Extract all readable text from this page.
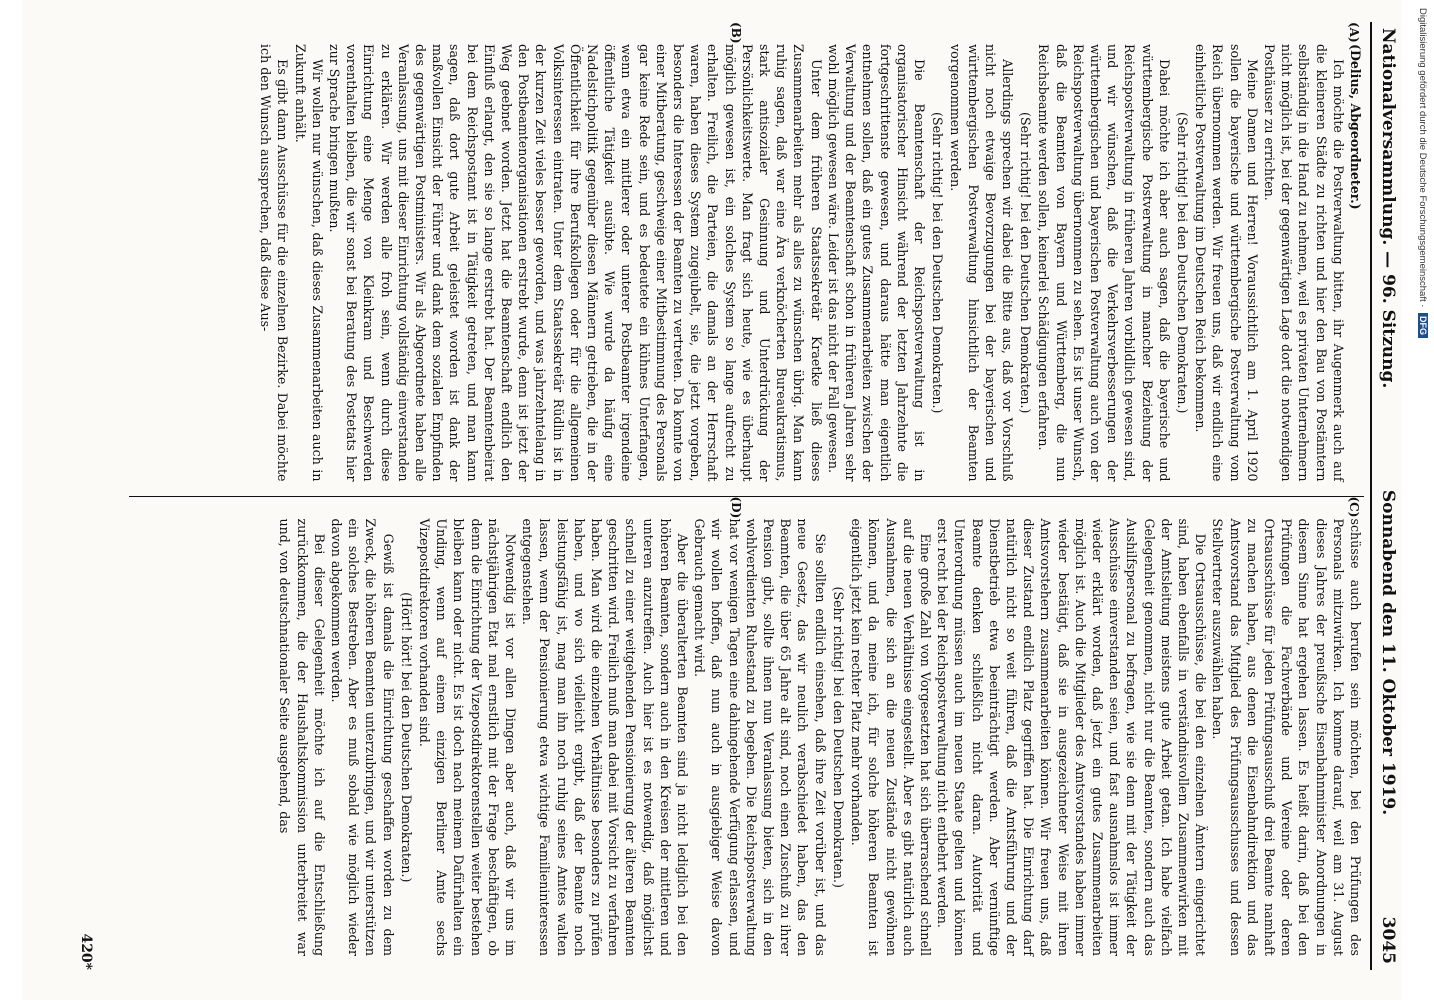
Nationalversammlung. — 96. Sitzung.
Sonnabend den 11. Oktober 1919.
3045
(A)
(B)

(Delius, Abgeordneter.)

Ich möchte die Postverwaltung bitten, ihr Augenmerk auch auf die kleineren Städte zu richten und hier den Bau von Postämtern selbständig in die Hand zu nehmen, weil es privaten Unternehmern nicht möglich ist, bei der gegenwärtigen Lage dort die notwendigen Posthäuser zu errichten.

Meine Damen und Herren! Voraussichtlich am 1. April 1920 sollen die bayerische und württembergische Postverwaltung vom Reich übernommen werden. Wir freuen uns, daß wir endlich eine einheitliche Postverwaltung im Deutschen Reich bekommen.

(Sehr richtig! bei den Deutschen Demokraten.)

Dabei möchte ich aber auch sagen, daß die bayerische und württembergische Postverwaltung in mancher Beziehung der Reichspostverwaltung in früheren Jahren vorbildlich gewesen sind, und wir wünschen, daß die Verkehrsverbesserungen der württembergischen und bayerischen Postverwaltung auch von der Reichspostverwaltung übernommen zu sehen. Es ist unser Wunsch, daß die Beamten von Bayern und Württemberg, die nun Reichsbeamte werden sollen, keinerlei Schädigungen erfahren.

(Sehr richtig! bei den Deutschen Demokraten.)

Allerdings sprechen wir dabei die Bitte aus, daß vor Vorschluß nicht noch etwaige Bevorzugungen bei der bayerischen und württembergischen Postverwaltung hinsichtlich der Beamten vorgenommen werden.

(Sehr richtig! bei den Deutschen Demokraten.)

Die Beamtenschaft der Reichspostverwaltung ist in organisatorischer Hinsicht während der letzten Jahrzehnte die fortgeschrittenste gewesen, und daraus hätte man eigentlich entnehmen sollen, daß ein gutes Zusammenarbeiten zwischen der Verwaltung und der Beamtenschaft schon in früheren Jahren sehr wohl möglich gewesen wäre. Leider ist das nicht der Fall gewesen.

Unter dem früheren Staatssekretär Kraetke ließ dieses Zusammenarbeiten mehr als alles zu wünschen übrig. Man kann ruhig sagen, daß war eine Ära verknöcherten Bureaukratismus, stark antisozialer Gesinnung und Unterdrückung der Persönlichkeitswerte. Man fragt sich heute, wie es überhaupt möglich gewesen ist, ein solches System so lange aufrecht zu erhalten. Freilich, die Parteien, die damals an der Herrschaft waren, haben dieses System zugejubelt, sie, die jetzt vorgeben, besonders die Interessen der Beamten zu vertreten. Da konnte von einer Mitberatung, geschweige einer Mitbestimmung des Personals gar keine Rede sein, und es bedeutete ein kühnes Unterfangen, wenn etwa ein mittlerer oder unterer Postbeamter irgendeine öffentliche Tätigkeit ausübte. Wie wurde da häufig eine Nadelstichpolitik gegenüber diesen Männern getrieben, die in der Öffentlichkeit für ihre Berufskollegen oder für die allgemeinen Volksinteressen eintraten. Unter dem Staatssekretär Rüdlin ist in der kurzen Zeit vieles besser geworden, und was jahrzehntelang in den Postbeamtenorganisationen erstrebt wurde, denn ist jetzt der Weg geebnet worden. Jetzt hat die Beamtenschaft endlich den Einfluß erlangt, den sie so lange erstrebt hat. Der Beamtenbeirat bei dem Reichspostamt ist in Tätigkeit getreten, und man kann sagen, daß dort gute Arbeit geleistet worden ist dank der maßvollen Einsicht der Führer und dank dem sozialen Empfinden des gegenwärtigen Postministers. Wir als Abgeordnete haben alle Veranlassung, uns mit dieser Einrichtung vollständig einverstanden zu erklären. Wir werden alle froh sein, wenn durch diese Einrichtung eine Menge von Kleinkram und Beschwerden vorenthalten bleiben, die wir sonst bei Beratung des Postetats hier zur Sprache bringen mußten.

Wir wollen nur wünschen, daß dieses Zusammenarbeiten auch in Zukunft anhält.

Es gibt dann Ausschüsse für die einzelnen Bezirke. Dabei möchte ich den Wunsch aussprechen, daß diese Aus-

(C)
(D)

schüsse auch berufen sein möchten, bei den Prüfungen des Personals mitzuwirken. Ich komme darauf, weil am 31. August dieses Jahres der preußische Eisenbahnminister Anordnungen in diesem Sinne hat ergehen lassen. Es heißt darin, daß bei den Prüfungen die Fachverbände und Vereine oder deren Ortsausschüsse für jeden Prüfungsausschuß drei Beamte namhaft zu machen haben, aus denen die Eisenbahndirektion und das Amtsvorstand das Mitglied des Prüfungsausschusses und dessen Stellvertreter auszuwählen haben.

Die Ortsausschüsse, die bei den einzelnen Ämtern eingerichtet sind, haben ebenfalls in verständnisvollem Zusammenwirken mit der Amtsleitung meistens gute Arbeit getan. Ich habe vielfach Gelegenheit genommen, nicht nur die Beamten, sondern auch das Aushilfspersonal zu befragen, wie sie denn mit der Tätigkeit der Ausschüsse einverstanden seien, und fast ausnahmslos ist immer wieder erklärt worden, daß jetzt ein gutes Zusammenarbeiten möglich ist. Auch die Mitglieder des Amtsvorstandes haben immer wieder bestätigt, daß sie in ausgezeichneter Weise mit ihren Amtsvorstehern zusammenarbeiten können. Wir freuen uns, daß dieser Zustand endlich Platz gegriffen hat. Die Einrichtung darf natürlich nicht so weit führen, daß die Amtsführung und der Dienstbetrieb etwa beeinträchtigt werden. Aber vernünftige Beamte denken schließlich nicht daran. Autorität und Unterordnung müssen auch im neuen Staate gelten und können erst recht bei der Reichspostverwaltung nicht entbehrt werden.

Eine große Zahl von Vorgesetzten hat sich überraschend schnell auf die neuen Verhältnisse eingestellt. Aber es gibt natürlich auch Ausnahmen, die sich an die neuen Zustände nicht gewöhnen können, und da meine ich, für solche höheren Beamten ist eigentlich jetzt kein rechter Platz mehr vorhanden.

(Sehr richtig! bei den Deutschen Demokraten.)

Sie sollten endlich einsehen, daß ihre Zeit vorüber ist, und das neue Gesetz, das wir neulich verabschiedet haben, das den Beamten, die über 65 Jahre alt sind, noch einen Zuschuß zu ihrer Pension gibt, sollte ihnen nun Veranlassung bieten, sich in den wohlverdienten Ruhestand zu begeben. Die Reichspostverwaltung hat vor wenigen Tagen eine dahingehende Verfügung erlassen, und wir wollen hoffen, daß nun auch in ausgiebiger Weise davon Gebrauch gemacht wird.

Aber die überalterten Beamten sind ja nicht lediglich bei den höheren Beamten, sondern auch in den Kreisen der mittleren und unteren anzutreffen. Auch hier ist es notwendig, daß möglichst schnell zu einer weitgehenden Pensionierung der älteren Beamten geschritten wird. Freilich muß man dabei mit Vorsicht zu verfahren haben. Man wird die einzelnen Verhältnisse besonders zu prüfen haben, und wo sich vielleicht ergibt, daß der Beamte noch leistungsfähig ist, mag man ihn noch ruhig seines Amtes walten lassen, wenn der Pensionierung etwa wichtige Familieninteressen entgegenstehen.

Notwendig ist vor allen Dingen aber auch, daß wir uns im nächstjährigen Etat mal ernstlich mit der Frage beschäftigen, ob denn die Einrichtung der Vizepostdirektorenstellen weiter bestehen bleiben kann oder nicht. Es ist doch nach meinem Dafürhalten ein Unding, wenn auf einem einzigen Berliner Amte sechs Vizepostdirektoren vorhanden sind.

(Hört! hört! bei den Deutschen Demokraten.)

Gewiß ist damals die Einrichtung geschaffen worden zu dem Zweck, die höheren Beamten unterzubringen, und wir unterstützen ein solches Bestreben. Aber es muß sobald wie möglich wieder davon abgekommen werden.

Bei dieser Gelegenheit möchte ich auf die Entschließung zurückkommen, die der Haushaltskommission unterbreitet war und, von deutschnationaler Seite ausgehend, das

420*
Digitalisierung gefördert durch die Deutsche Forschungsgemeinschaft · DFG
